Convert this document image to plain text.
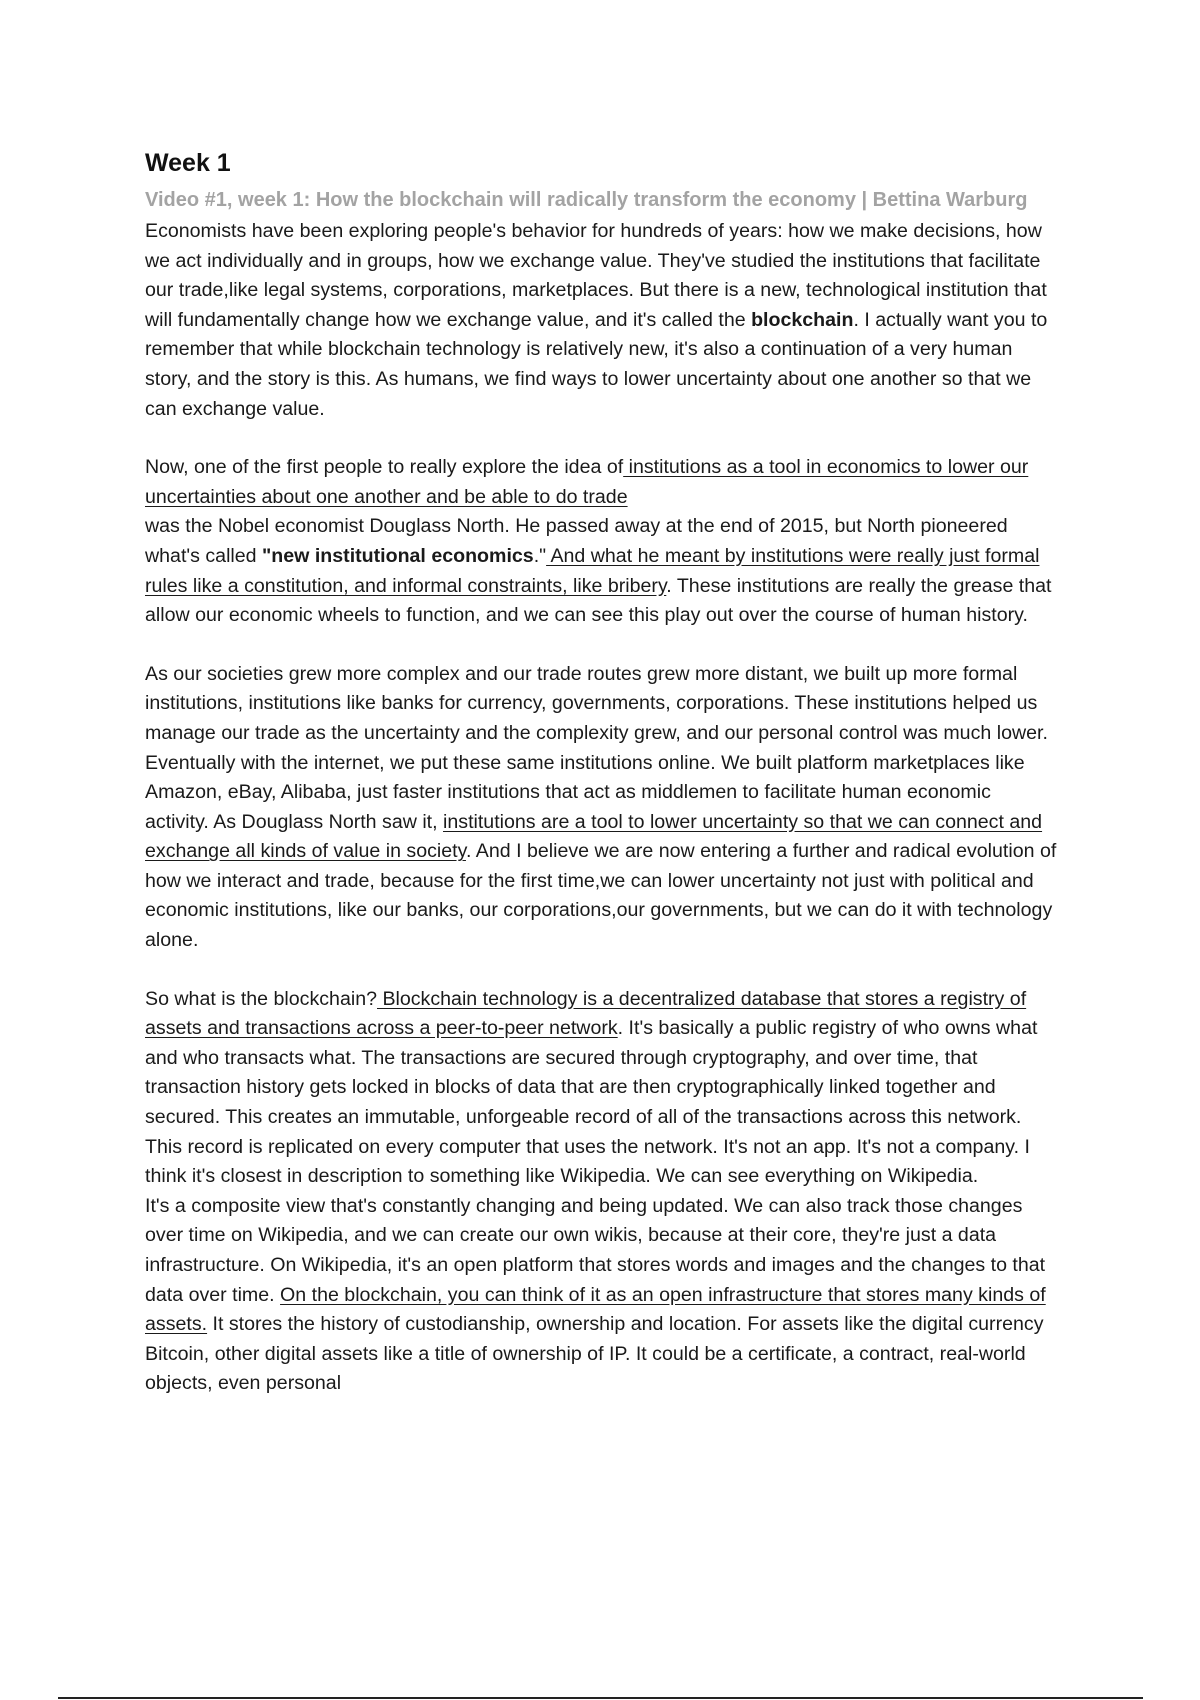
Week 1
Video #1, week 1: How the blockchain will radically transform the economy | Bettina Warburg

Economists have been exploring people's behavior for hundreds of years: how we make decisions, how we act individually and in groups, how we exchange value. They've studied the institutions that facilitate our trade,like legal systems, corporations, marketplaces. But there is a new, technological institution that will fundamentally change how we exchange value, and it's called the blockchain. I actually want you to remember that while blockchain technology is relatively new, it's also a continuation of a very human story, and the story is this. As humans, we find ways to lower uncertainty about one another so that we can exchange value.

Now, one of the first people to really explore the idea of institutions as a tool in economics to lower our uncertainties about one another and be able to do trade
was the Nobel economist Douglass North. He passed away at the end of 2015, but North pioneered what's called "new institutional economics." And what he meant by institutions were really just formal rules like a constitution, and informal constraints, like bribery. These institutions are really the grease that allow our economic wheels to function, and we can see this play out over the course of human history.

As our societies grew more complex and our trade routes grew more distant, we built up more formal institutions, institutions like banks for currency, governments, corporations. These institutions helped us manage our trade as the uncertainty and the complexity grew, and our personal control was much lower. Eventually with the internet, we put these same institutions online. We built platform marketplaces like Amazon, eBay, Alibaba, just faster institutions that act as middlemen to facilitate human economic activity. As Douglass North saw it, institutions are a tool to lower uncertainty so that we can connect and exchange all kinds of value in society. And I believe we are now entering a further and radical evolution of how we interact and trade, because for the first time,we can lower uncertainty not just with political and economic institutions, like our banks, our corporations,our governments, but we can do it with technology alone.

So what is the blockchain? Blockchain technology is a decentralized database that stores a registry of assets and transactions across a peer-to-peer network. It's basically a public registry of who owns what and who transacts what. The transactions are secured through cryptography, and over time, that transaction history gets locked in blocks of data that are then cryptographically linked together and secured. This creates an immutable, unforgeable record of all of the transactions across this network. This record is replicated on every computer that uses the network. It's not an app. It's not a company. I think it's closest in description to something like Wikipedia. We can see everything on Wikipedia.
It's a composite view that's constantly changing and being updated. We can also track those changes over time on Wikipedia, and we can create our own wikis, because at their core, they're just a data infrastructure. On Wikipedia, it's an open platform that stores words and images and the changes to that data over time. On the blockchain, you can think of it as an open infrastructure that stores many kinds of assets. It stores the history of custodianship, ownership and location. For assets like the digital currency Bitcoin, other digital assets like a title of ownership of IP. It could be a certificate, a contract, real-world objects, even personal
